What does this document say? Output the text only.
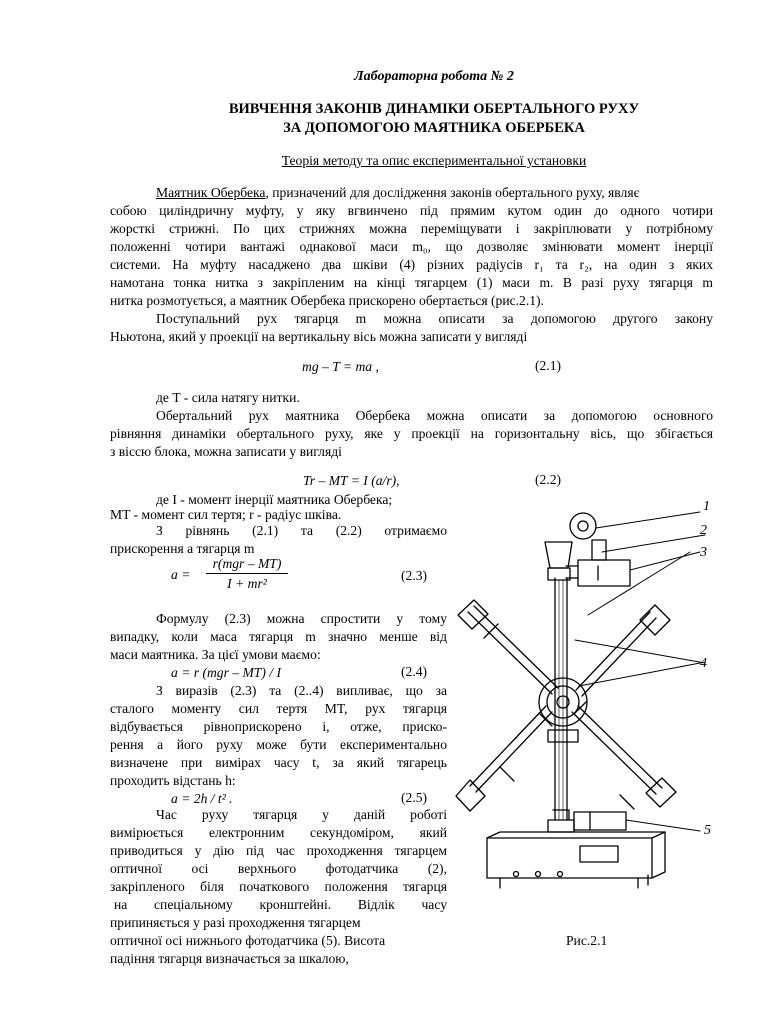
Лабораторна робота № 2
ВИВЧЕННЯ ЗАКОНІВ ДИНАМІКИ ОБЕРТАЛЬНОГО РУХУ
ЗА ДОПОМОГОЮ МАЯТНИКА ОБЕРБЕКА
Теорія методу та опис експериментальної установки
Маятник Обербека, призначений для дослідження законів обертального руху, являє
собою циліндричну муфту, у яку вгвинчено під прямим кутом один до одного чотири
жорсткі стрижні. По цих стрижнях можна переміщувати і закріплювати у потрібному
положенні чотири вантажі однакової маси m₀, що дозволяє змінювати момент інерції
системи. На муфту насаджено два шківи (4) різних радіусів r₁ та r₂, на один з яких
намотана тонка нитка з закріпленим на кінці тягарцем (1) маси m. В разі руху тягарця m
нитка розмотується, а маятник Обербека прискорено обертається (рис.2.1).
Поступальний рух тягарця m можна описати за допомогою другого закону
Ньютона, який у проекції на вертикальну вісь можна записати у вигляді
mg – T = ma ,	(2.1)
де T - сила натягу нитки.
Обертальний рух маятника Обербека можна описати за допомогою основного
рівняння динаміки обертального руху, яке у проекції на горизонтальну вісь, що збігається
з віссю блока, можна записати у вигляді
Tr – MT = I (a/r),	(2.2)
де I - момент інерції маятника Обербека;
MT - момент сил тертя; r - радіус шківа.
З рівнянь (2.1) та (2.2) отримаємо
прискорення a тягарця m
a =
r(mgr – MT)
I + mr²
(2.3)
Формулу (2.3) можна спростити у тому
випадку, коли маса тягарця m значно менше від
маси маятника. За цієї умови маємо:
a = r (mgr – MT) / I	(2.4)
З виразів (2.3) та (2..4) випливає, що за
сталого моменту сил тертя MT, рух тягарця
відбувається рівноприскорено і, отже, приско-
рення a його руху може бути експериментально
визначене при вимірах часу t, за який тягарець
проходить відстань h:
a = 2h / t² .	(2.5)
Час руху тягарця у даній роботі
вимірюється електронним секундоміром, який
приводиться у дію під час проходження тягарцем
оптичної осі верхнього фотодатчика (2),
закріпленого біля початкового положення тягарця
на спеціальному кронштейні. Відлік часу
припиняється у разі проходження тягарцем
оптичної осі нижнього фотодатчика (5). Висота
падіння тягарця визначається за шкалою,
Рис.2.1
1
2
3
4
5
